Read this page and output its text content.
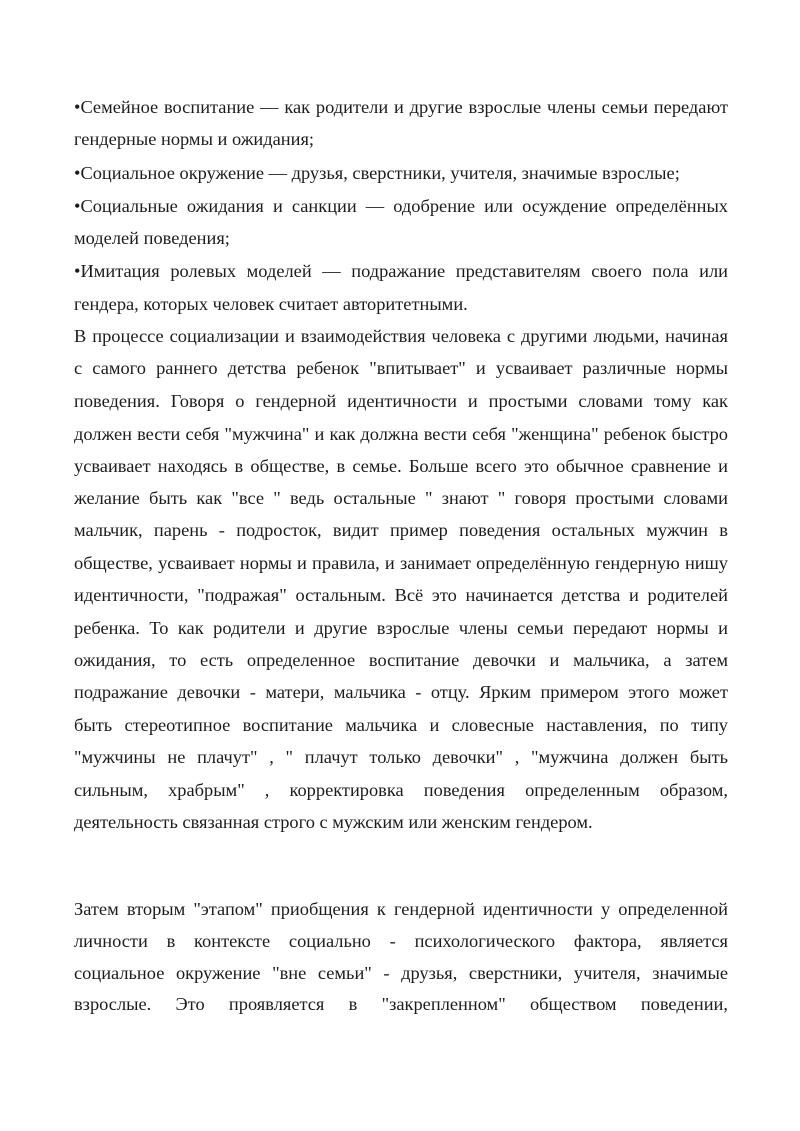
•Семейное воспитание — как родители и другие взрослые члены семьи передают
гендерные нормы и ожидания;
•Социальное окружение — друзья, сверстники, учителя, значимые взрослые;
•Социальные ожидания и санкции — одобрение или осуждение определённых
моделей поведения;
•Имитация ролевых моделей — подражание представителям своего пола или
гендера, которых человек считает авторитетными.
В процессе социализации и взаимодействия человека с другими людьми, начиная
с самого раннего детства ребенок "впитывает" и усваивает различные нормы
поведения. Говоря о гендерной идентичности и простыми словами тому как
должен вести себя "мужчина" и как должна вести себя "женщина" ребенок быстро
усваивает находясь в обществе, в семье. Больше всего это обычное сравнение и
желание быть как "все " ведь остальные " знают " говоря простыми словами
мальчик, парень - подросток, видит пример поведения остальных мужчин в
обществе, усваивает нормы и правила, и занимает определённую гендерную нишу
идентичности, "подражая" остальным. Всё это начинается детства и родителей
ребенка. То как родители и другие взрослые члены семьи передают нормы и
ожидания, то есть определенное воспитание девочки и мальчика, а затем
подражание девочки - матери, мальчика - отцу. Ярким примером этого может
быть стереотипное воспитание мальчика и словесные наставления, по типу
"мужчины не плачут" , " плачут только девочки" , "мужчина должен быть
сильным, храбрым" , корректировка поведения определенным образом,
деятельность связанная строго с мужским или женским гендером.
Затем вторым "этапом" приобщения к гендерной идентичности у определенной
личности в контексте социально - психологического фактора, является
социальное окружение "вне семьи" - друзья, сверстники, учителя, значимые
взрослые. Это проявляется в "закрепленном" обществом поведении,
